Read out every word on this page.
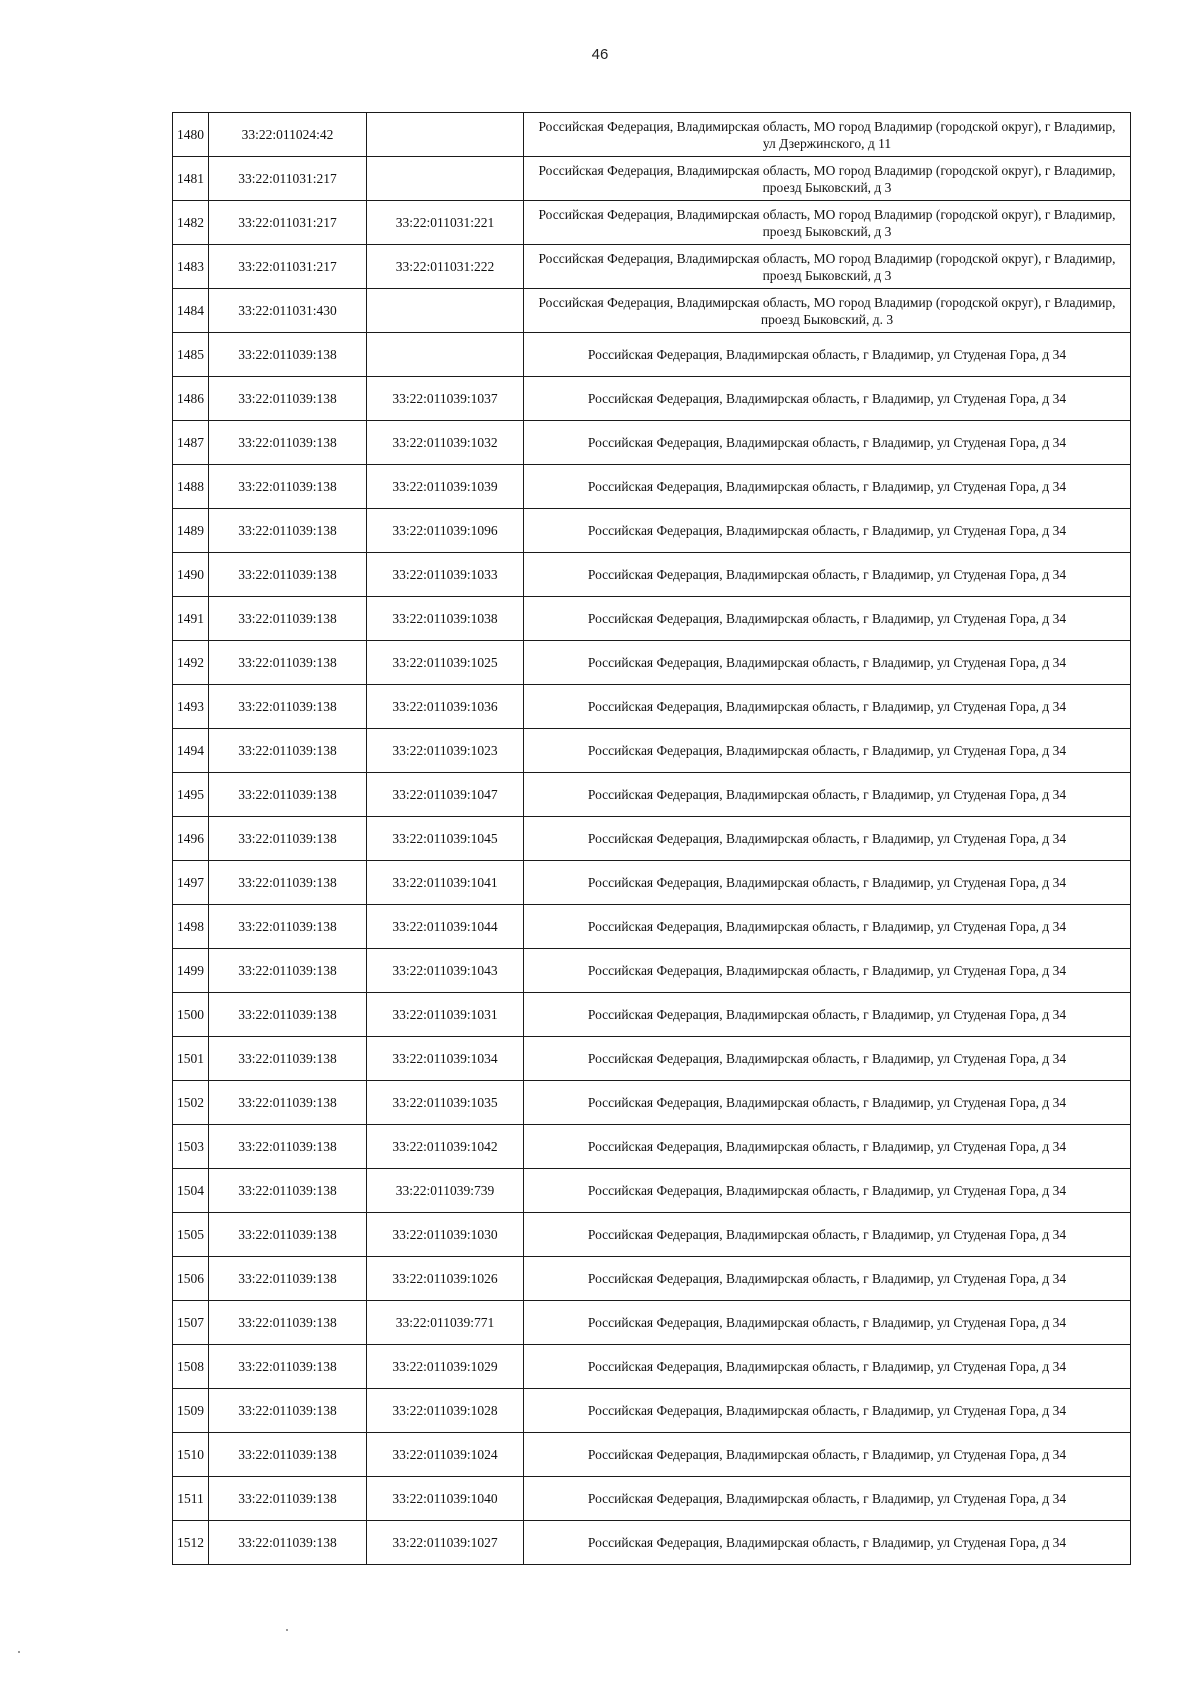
46
1480	33:22:011024:42		Российская Федерация, Владимирская область, МО город Владимир (городской округ), г Владимир, ул Дзержинского, д 11
1481	33:22:011031:217		Российская Федерация, Владимирская область, МО город Владимир (городской округ), г Владимир, проезд Быковский, д 3
1482	33:22:011031:217	33:22:011031:221	Российская Федерация, Владимирская область, МО город Владимир (городской округ), г Владимир, проезд Быковский, д 3
1483	33:22:011031:217	33:22:011031:222	Российская Федерация, Владимирская область, МО город Владимир (городской округ), г Владимир, проезд Быковский, д 3
1484	33:22:011031:430		Российская Федерация, Владимирская область, МО город Владимир (городской округ), г Владимир, проезд Быковский, д. 3
1485	33:22:011039:138		Российская Федерация, Владимирская область, г Владимир, ул Студеная Гора, д 34
1486	33:22:011039:138	33:22:011039:1037	Российская Федерация, Владимирская область, г Владимир, ул Студеная Гора, д 34
1487	33:22:011039:138	33:22:011039:1032	Российская Федерация, Владимирская область, г Владимир, ул Студеная Гора, д 34
1488	33:22:011039:138	33:22:011039:1039	Российская Федерация, Владимирская область, г Владимир, ул Студеная Гора, д 34
1489	33:22:011039:138	33:22:011039:1096	Российская Федерация, Владимирская область, г Владимир, ул Студеная Гора, д 34
1490	33:22:011039:138	33:22:011039:1033	Российская Федерация, Владимирская область, г Владимир, ул Студеная Гора, д 34
1491	33:22:011039:138	33:22:011039:1038	Российская Федерация, Владимирская область, г Владимир, ул Студеная Гора, д 34
1492	33:22:011039:138	33:22:011039:1025	Российская Федерация, Владимирская область, г Владимир, ул Студеная Гора, д 34
1493	33:22:011039:138	33:22:011039:1036	Российская Федерация, Владимирская область, г Владимир, ул Студеная Гора, д 34
1494	33:22:011039:138	33:22:011039:1023	Российская Федерация, Владимирская область, г Владимир, ул Студеная Гора, д 34
1495	33:22:011039:138	33:22:011039:1047	Российская Федерация, Владимирская область, г Владимир, ул Студеная Гора, д 34
1496	33:22:011039:138	33:22:011039:1045	Российская Федерация, Владимирская область, г Владимир, ул Студеная Гора, д 34
1497	33:22:011039:138	33:22:011039:1041	Российская Федерация, Владимирская область, г Владимир, ул Студеная Гора, д 34
1498	33:22:011039:138	33:22:011039:1044	Российская Федерация, Владимирская область, г Владимир, ул Студеная Гора, д 34
1499	33:22:011039:138	33:22:011039:1043	Российская Федерация, Владимирская область, г Владимир, ул Студеная Гора, д 34
1500	33:22:011039:138	33:22:011039:1031	Российская Федерация, Владимирская область, г Владимир, ул Студеная Гора, д 34
1501	33:22:011039:138	33:22:011039:1034	Российская Федерация, Владимирская область, г Владимир, ул Студеная Гора, д 34
1502	33:22:011039:138	33:22:011039:1035	Российская Федерация, Владимирская область, г Владимир, ул Студеная Гора, д 34
1503	33:22:011039:138	33:22:011039:1042	Российская Федерация, Владимирская область, г Владимир, ул Студеная Гора, д 34
1504	33:22:011039:138	33:22:011039:739	Российская Федерация, Владимирская область, г Владимир, ул Студеная Гора, д 34
1505	33:22:011039:138	33:22:011039:1030	Российская Федерация, Владимирская область, г Владимир, ул Студеная Гора, д 34
1506	33:22:011039:138	33:22:011039:1026	Российская Федерация, Владимирская область, г Владимир, ул Студеная Гора, д 34
1507	33:22:011039:138	33:22:011039:771	Российская Федерация, Владимирская область, г Владимир, ул Студеная Гора, д 34
1508	33:22:011039:138	33:22:011039:1029	Российская Федерация, Владимирская область, г Владимир, ул Студеная Гора, д 34
1509	33:22:011039:138	33:22:011039:1028	Российская Федерация, Владимирская область, г Владимир, ул Студеная Гора, д 34
1510	33:22:011039:138	33:22:011039:1024	Российская Федерация, Владимирская область, г Владимир, ул Студеная Гора, д 34
1511	33:22:011039:138	33:22:011039:1040	Российская Федерация, Владимирская область, г Владимир, ул Студеная Гора, д 34
1512	33:22:011039:138	33:22:011039:1027	Российская Федерация, Владимирская область, г Владимир, ул Студеная Гора, д 34
